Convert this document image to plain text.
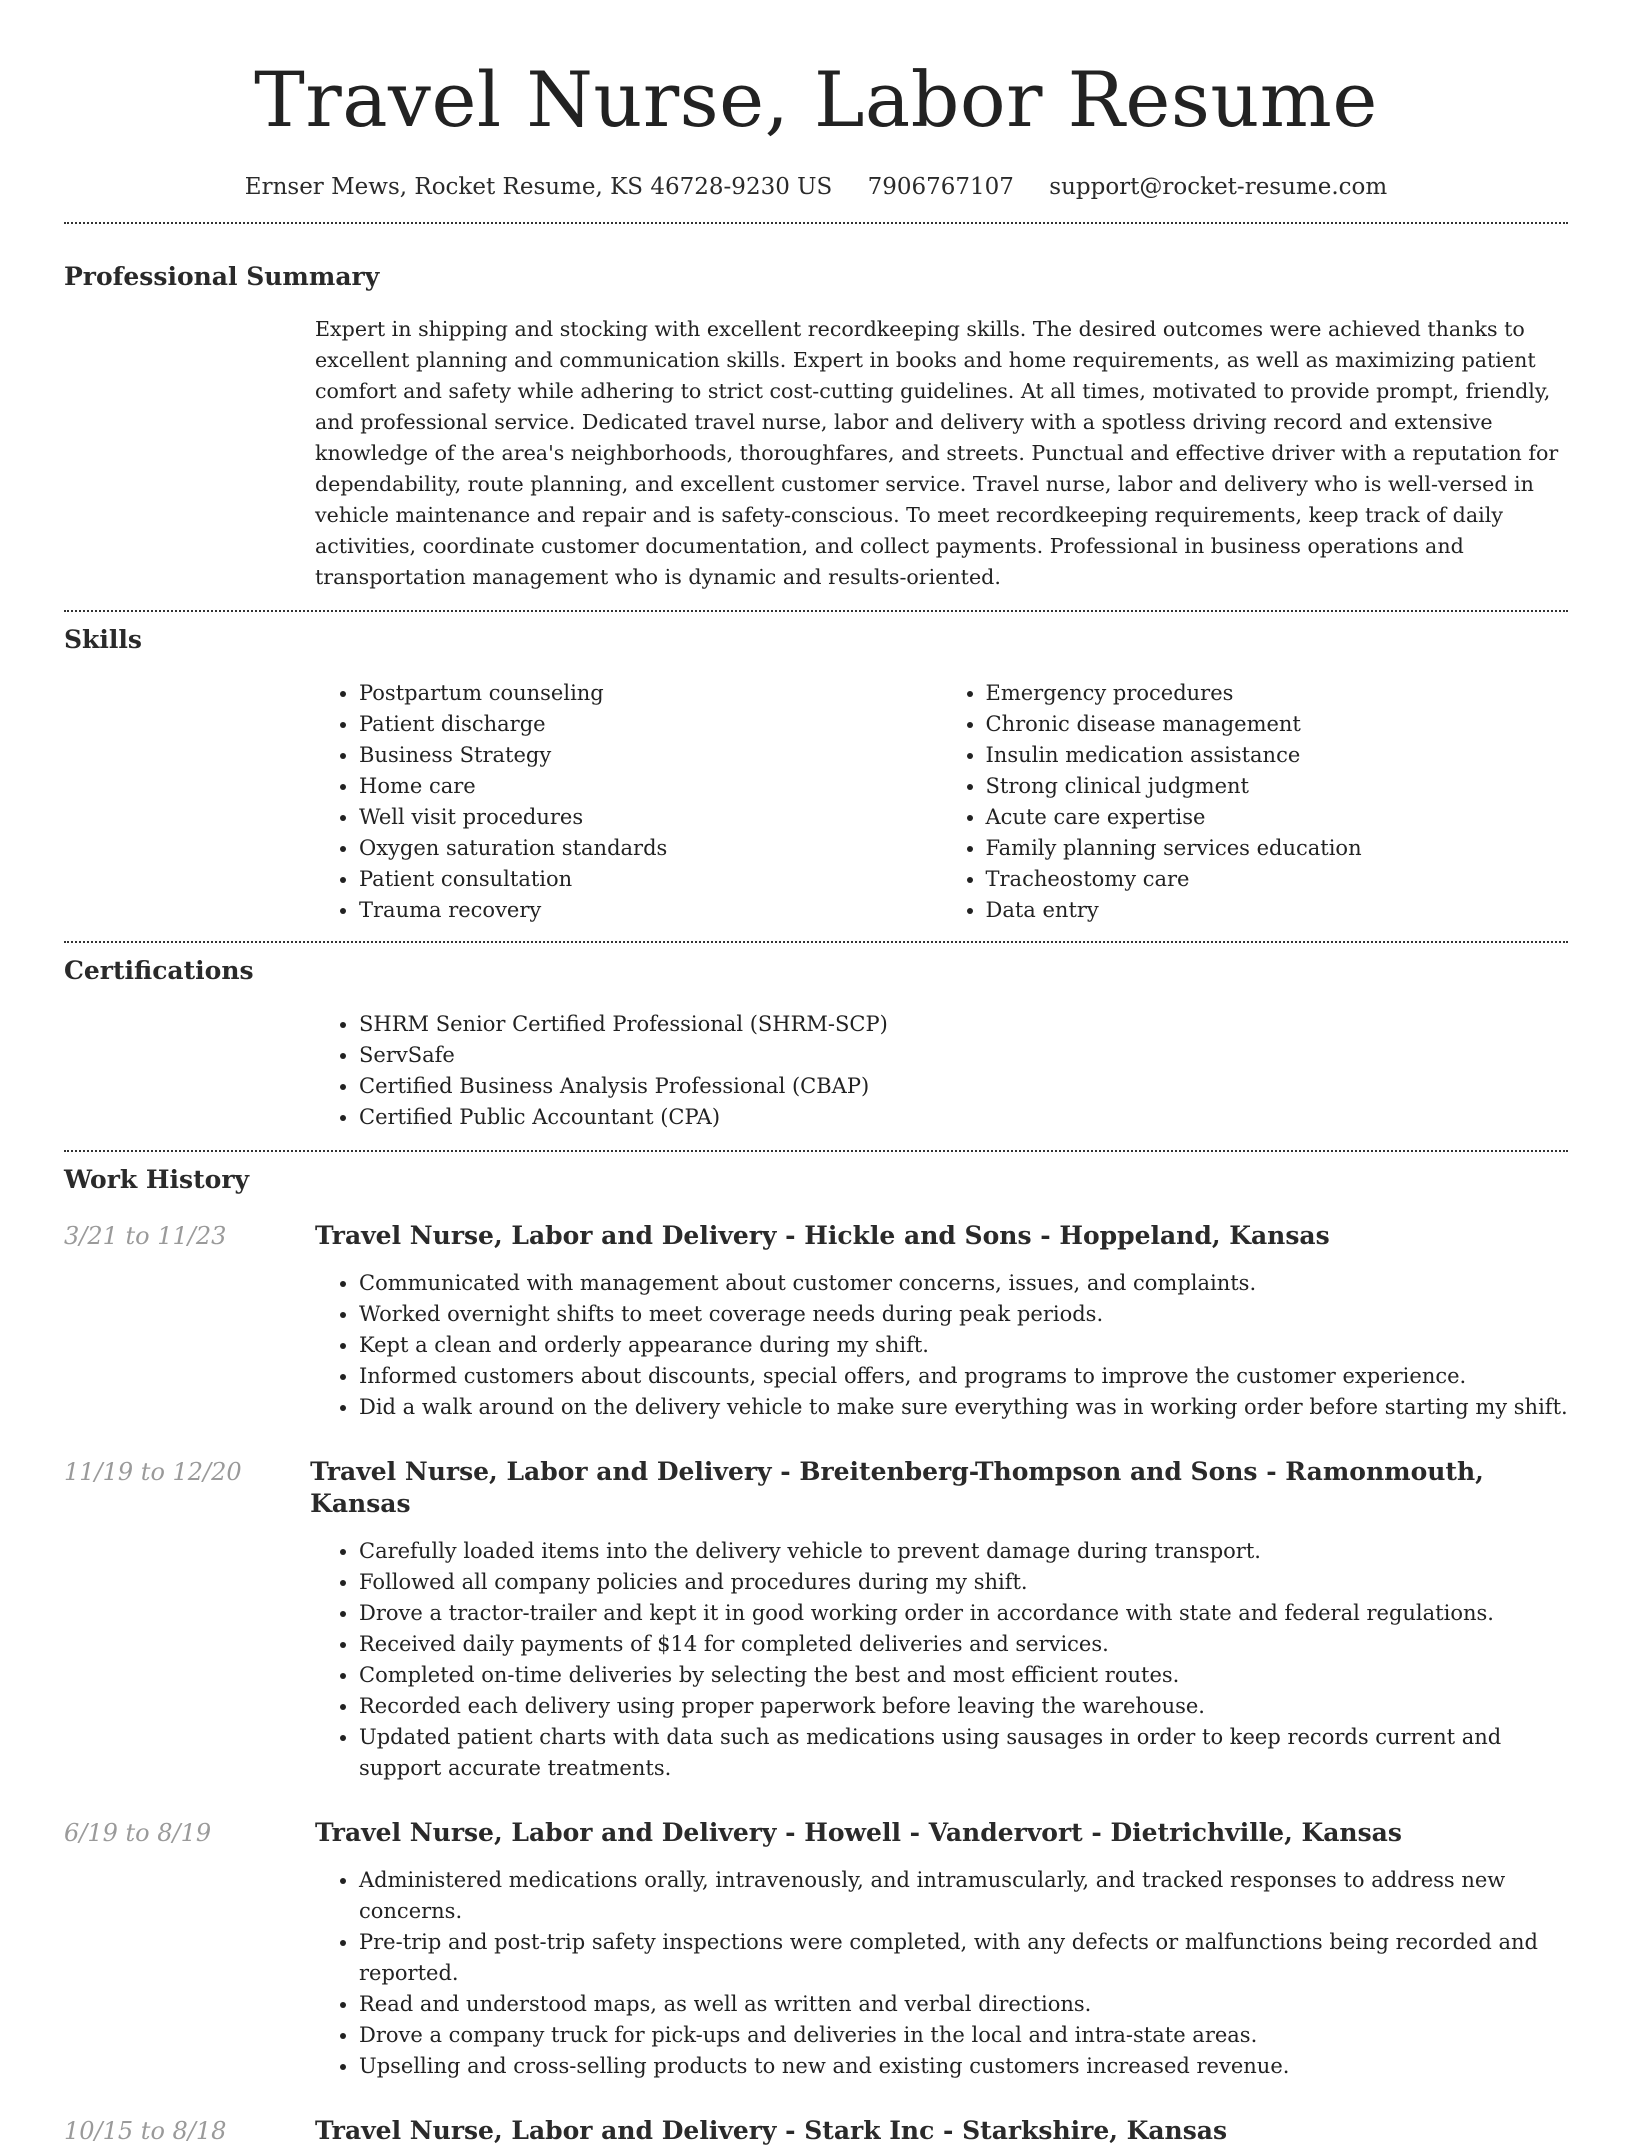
Travel Nurse, Labor Resume
Ernser Mews, Rocket Resume, KS 46728-9230 US 7906767107 support@rocket-resume.com
Professional Summary

Expert in shipping and stocking with excellent recordkeeping skills. The desired outcomes were achieved thanks to excellent planning and communication skills. Expert in books and home requirements, as well as maximizing patient comfort and safety while adhering to strict cost-cutting guidelines. At all times, motivated to provide prompt, friendly, and professional service. Dedicated travel nurse, labor and delivery with a spotless driving record and extensive knowledge of the area's neighborhoods, thoroughfares, and streets. Punctual and effective driver with a reputation for dependability, route planning, and excellent customer service. Travel nurse, labor and delivery who is well-versed in vehicle maintenance and repair and is safety-conscious. To meet recordkeeping requirements, keep track of daily activities, coordinate customer documentation, and collect payments. Professional in business operations and transportation management who is dynamic and results-oriented.

Skills
• Postpartum counseling
• Patient discharge
• Business Strategy
• Home care
• Well visit procedures
• Oxygen saturation standards
• Patient consultation
• Trauma recovery
• Emergency procedures
• Chronic disease management
• Insulin medication assistance
• Strong clinical judgment
• Acute care expertise
• Family planning services education
• Tracheostomy care
• Data entry
Certifications
• SHRM Senior Certified Professional (SHRM-SCP)
• ServSafe
• Certified Business Analysis Professional (CBAP)
• Certified Public Accountant (CPA)
Work History
3/21 to 11/23	Travel Nurse, Labor and Delivery - Hickle and Sons - Hoppeland, Kansas
• Communicated with management about customer concerns, issues, and complaints.
• Worked overnight shifts to meet coverage needs during peak periods.
• Kept a clean and orderly appearance during my shift.
• Informed customers about discounts, special offers, and programs to improve the customer experience.
• Did a walk around on the delivery vehicle to make sure everything was in working order before starting my shift.
11/19 to 12/20	Travel Nurse, Labor and Delivery - Breitenberg-Thompson and Sons - Ramonmouth, Kansas
• Carefully loaded items into the delivery vehicle to prevent damage during transport.
• Followed all company policies and procedures during my shift.
• Drove a tractor-trailer and kept it in good working order in accordance with state and federal regulations.
• Received daily payments of $14 for completed deliveries and services.
• Completed on-time deliveries by selecting the best and most efficient routes.
• Recorded each delivery using proper paperwork before leaving the warehouse.
• Updated patient charts with data such as medications using sausages in order to keep records current and support accurate treatments.
6/19 to 8/19	Travel Nurse, Labor and Delivery - Howell - Vandervort - Dietrichville, Kansas
• Administered medications orally, intravenously, and intramuscularly, and tracked responses to address new concerns.
• Pre-trip and post-trip safety inspections were completed, with any defects or malfunctions being recorded and reported.
• Read and understood maps, as well as written and verbal directions.
• Drove a company truck for pick-ups and deliveries in the local and intra-state areas.
• Upselling and cross-selling products to new and existing customers increased revenue.
10/15 to 8/18	Travel Nurse, Labor and Delivery - Stark Inc - Starkshire, Kansas
